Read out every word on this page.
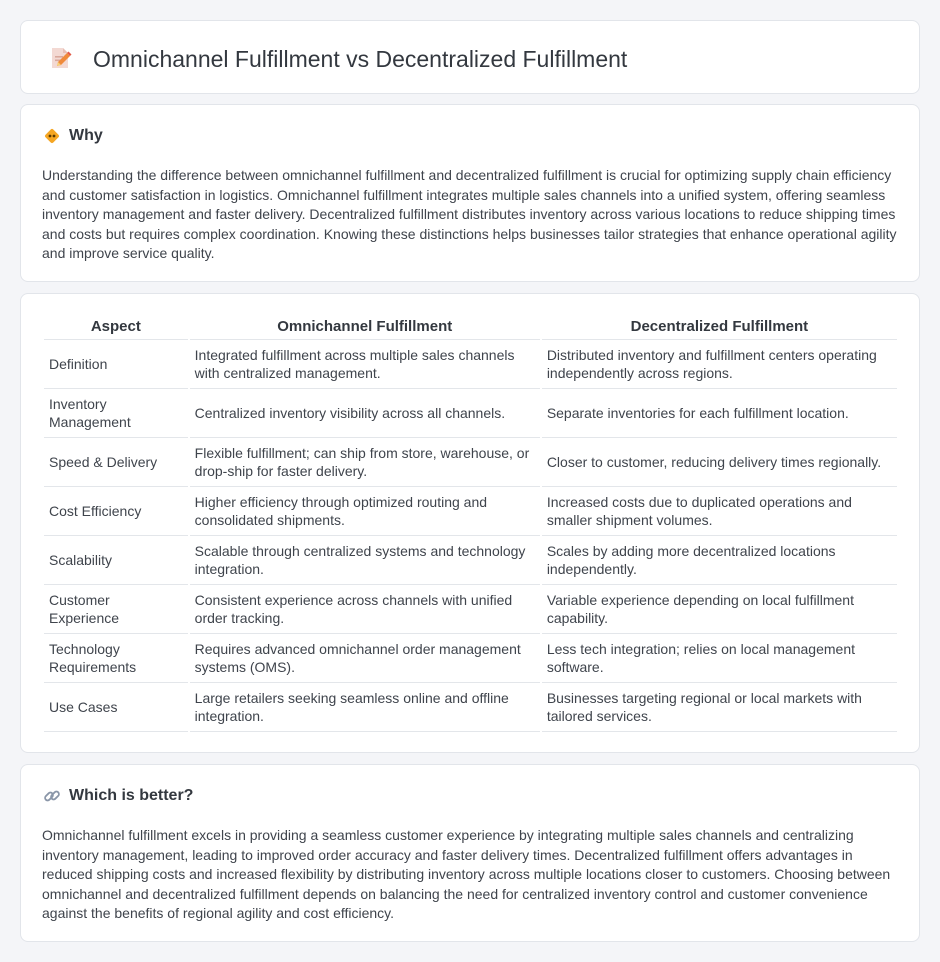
Omnichannel Fulfillment vs Decentralized Fulfillment
Why

Understanding the difference between omnichannel fulfillment and decentralized fulfillment is crucial for optimizing supply chain efficiency and customer satisfaction in logistics. Omnichannel fulfillment integrates multiple sales channels into a unified system, offering seamless inventory management and faster delivery. Decentralized fulfillment distributes inventory across various locations to reduce shipping times and costs but requires complex coordination. Knowing these distinctions helps businesses tailor strategies that enhance operational agility and improve service quality.

Aspect	Omnichannel Fulfillment	Decentralized Fulfillment
Definition	Integrated fulfillment across multiple sales channels with centralized management.	Distributed inventory and fulfillment centers operating independently across regions.
Inventory Management	Centralized inventory visibility across all channels.	Separate inventories for each fulfillment location.
Speed & Delivery	Flexible fulfillment; can ship from store, warehouse, or drop-ship for faster delivery.	Closer to customer, reducing delivery times regionally.
Cost Efficiency	Higher efficiency through optimized routing and consolidated shipments.	Increased costs due to duplicated operations and smaller shipment volumes.
Scalability	Scalable through centralized systems and technology integration.	Scales by adding more decentralized locations independently.
Customer Experience	Consistent experience across channels with unified order tracking.	Variable experience depending on local fulfillment capability.
Technology Requirements	Requires advanced omnichannel order management systems (OMS).	Less tech integration; relies on local management software.
Use Cases	Large retailers seeking seamless online and offline integration.	Businesses targeting regional or local markets with tailored services.
Which is better?

Omnichannel fulfillment excels in providing a seamless customer experience by integrating multiple sales channels and centralizing inventory management, leading to improved order accuracy and faster delivery times. Decentralized fulfillment offers advantages in reduced shipping costs and increased flexibility by distributing inventory across multiple locations closer to customers. Choosing between omnichannel and decentralized fulfillment depends on balancing the need for centralized inventory control and customer convenience against the benefits of regional agility and cost efficiency.
